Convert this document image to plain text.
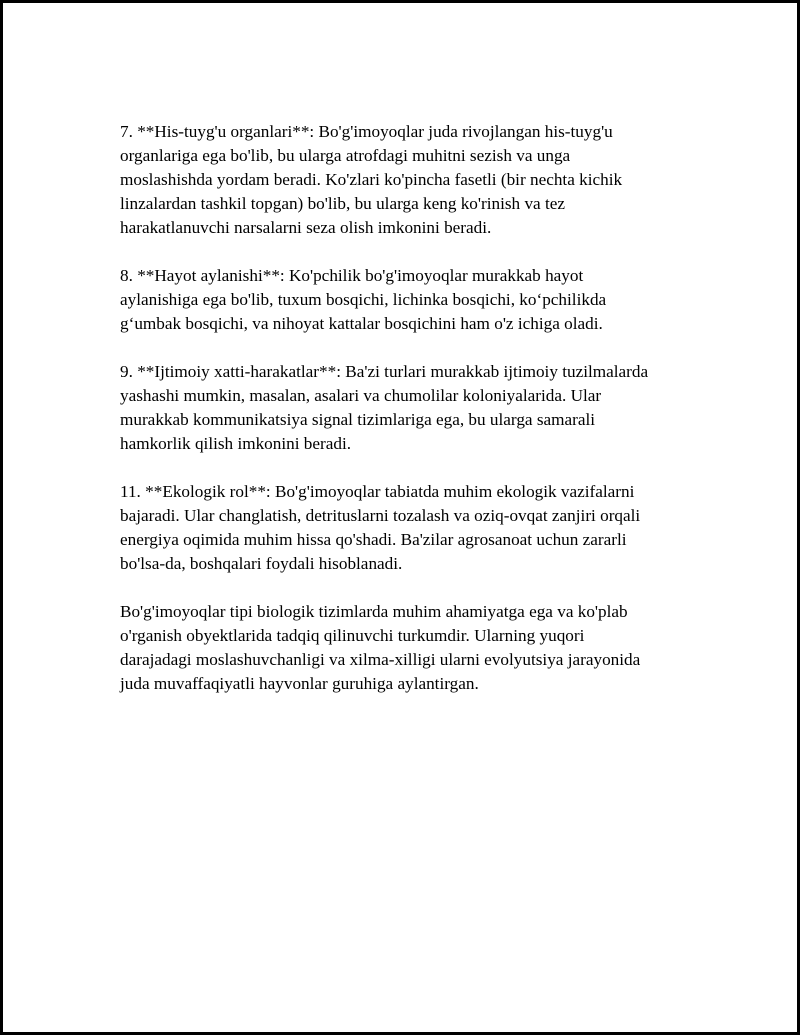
7. **His-tuyg'u organlari**: Bo'g'imoyoqlar juda rivojlangan his-tuyg'u
organlariga ega bo'lib, bu ularga atrofdagi muhitni sezish va unga
moslashishda yordam beradi. Ko'zlari ko'pincha fasetli (bir nechta kichik
linzalardan tashkil topgan) bo'lib, bu ularga keng ko'rinish va tez
harakatlanuvchi narsalarni seza olish imkonini beradi.

8. **Hayot aylanishi**: Ko'pchilik bo'g'imoyoqlar murakkab hayot
aylanishiga ega bo'lib, tuxum bosqichi, lichinka bosqichi, ko‘pchilikda
g‘umbak bosqichi, va nihoyat kattalar bosqichini ham o'z ichiga oladi.

9. **Ijtimoiy xatti-harakatlar**: Ba'zi turlari murakkab ijtimoiy tuzilmalarda
yashashi mumkin, masalan, asalari va chumolilar koloniyalarida. Ular
murakkab kommunikatsiya signal tizimlariga ega, bu ularga samarali
hamkorlik qilish imkonini beradi.

11. **Ekologik rol**: Bo'g'imoyoqlar tabiatda muhim ekologik vazifalarni
bajaradi. Ular changlatish, detrituslarni tozalash va oziq-ovqat zanjiri orqali
energiya oqimida muhim hissa qo'shadi. Ba'zilar agrosanoat uchun zararli
bo'lsa-da, boshqalari foydali hisoblanadi.

Bo'g'imoyoqlar tipi biologik tizimlarda muhim ahamiyatga ega va ko'plab
o'rganish obyektlarida tadqiq qilinuvchi turkumdir. Ularning yuqori
darajadagi moslashuvchanligi va xilma-xilligi ularni evolyutsiya jarayonida
juda muvaffaqiyatli hayvonlar guruhiga aylantirgan.
